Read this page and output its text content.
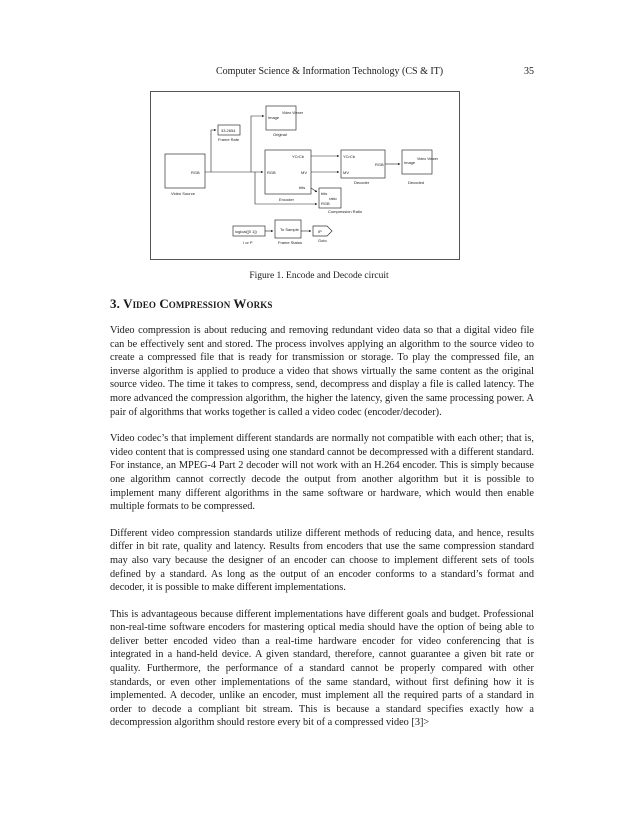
Computer Science & Information Technology (CS & IT)	35
RGB
Video Source
33.2654
Frame Rate
Image
Video Viewer
Original
RGB
YCrCb
MV
bits
Encoder
YCrCb
MV
RGB
Decoder
Image
Video Viewer
Decoded
bits
ratio
RGB
Compression Ratio
logical([0 1])
I or P
To Sample
Frame Status
IP
Goto
Figure 1. Encode and Decode circuit
3. Video Compression Works

Video compression is about reducing and removing redundant video data so that a digital video file can be effectively sent and stored. The process involves applying an algorithm to the source video to create a compressed file that is ready for transmission or storage. To play the compressed file, an inverse algorithm is applied to produce a video that shows virtually the same content as the original source video. The time it takes to compress, send, decompress and display a file is called latency. The more advanced the compression algorithm, the higher the latency, given the same processing power. A pair of algorithms that works together is called a video codec (encoder/decoder).

Video codec’s that implement different standards are normally not compatible with each other; that is, video content that is compressed using one standard cannot be decompressed with a different standard. For instance, an MPEG-4 Part 2 decoder will not work with an H.264 encoder. This is simply because one algorithm cannot correctly decode the output from another algorithm but it is possible to implement many different algorithms in the same software or hardware, which would then enable multiple formats to be compressed.

Different video compression standards utilize different methods of reducing data, and hence, results differ in bit rate, quality and latency. Results from encoders that use the same compression standard may also vary because the designer of an encoder can choose to implement different sets of tools defined by a standard. As long as the output of an encoder conforms to a standard’s format and decoder, it is possible to make different implementations.

This is advantageous because different implementations have different goals and budget. Professional non-real-time software encoders for mastering optical media should have the option of being able to deliver better encoded video than a real-time hardware encoder for video conferencing that is integrated in a hand-held device. A given standard, therefore, cannot guarantee a given bit rate or quality. Furthermore, the performance of a standard cannot be properly compared with other standards, or even other implementations of the same standard, without first defining how it is implemented. A decoder, unlike an encoder, must implement all the required parts of a standard in order to decode a compliant bit stream. This is because a standard specifies exactly how a decompression algorithm should restore every bit of a compressed video [3]>
